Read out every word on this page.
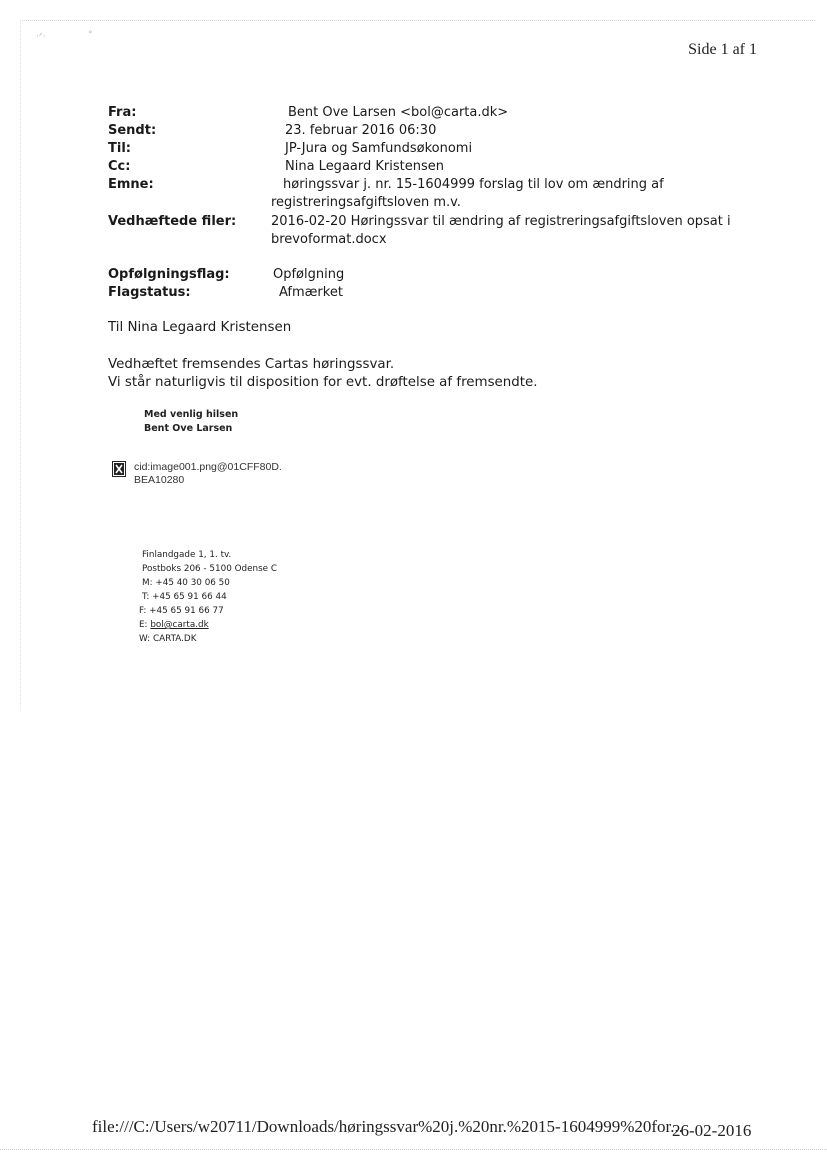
·ᐟ·	°
Side 1 af 1
Fra:	Bent Ove Larsen <bol@carta.dk>
Sendt:	23. februar 2016 06:30
Til:	JP-Jura og Samfundsøkonomi
Cc:	Nina Legaard Kristensen
Emne:	høringssvar j. nr. 15-1604999 forslag til lov om ændring af
registreringsafgiftsloven m.v.
Vedhæftede filer:	2016-02-20 Høringssvar til ændring af registreringsafgiftsloven opsat i
brevoformat.docx
Opfølgningsflag:	Opfølgning
Flagstatus:	Afmærket
Til Nina Legaard Kristensen
Vedhæftet fremsendes Cartas høringssvar.
Vi står naturligvis til disposition for evt. drøftelse af fremsendte.
Med venlig hilsen
Bent Ove Larsen
cid:image001.png@01CFF80D.
BEA10280
Finlandgade 1, 1. tv.
Postboks 206 - 5100 Odense C
M: +45 40 30 06 50
T: +45 65 91 66 44
F: +45 65 91 66 77
E: bol@carta.dk
W: CARTA.DK
file:///C:/Users/w20711/Downloads/høringssvar%20j.%20nr.%2015-1604999%20for...
26-02-2016
